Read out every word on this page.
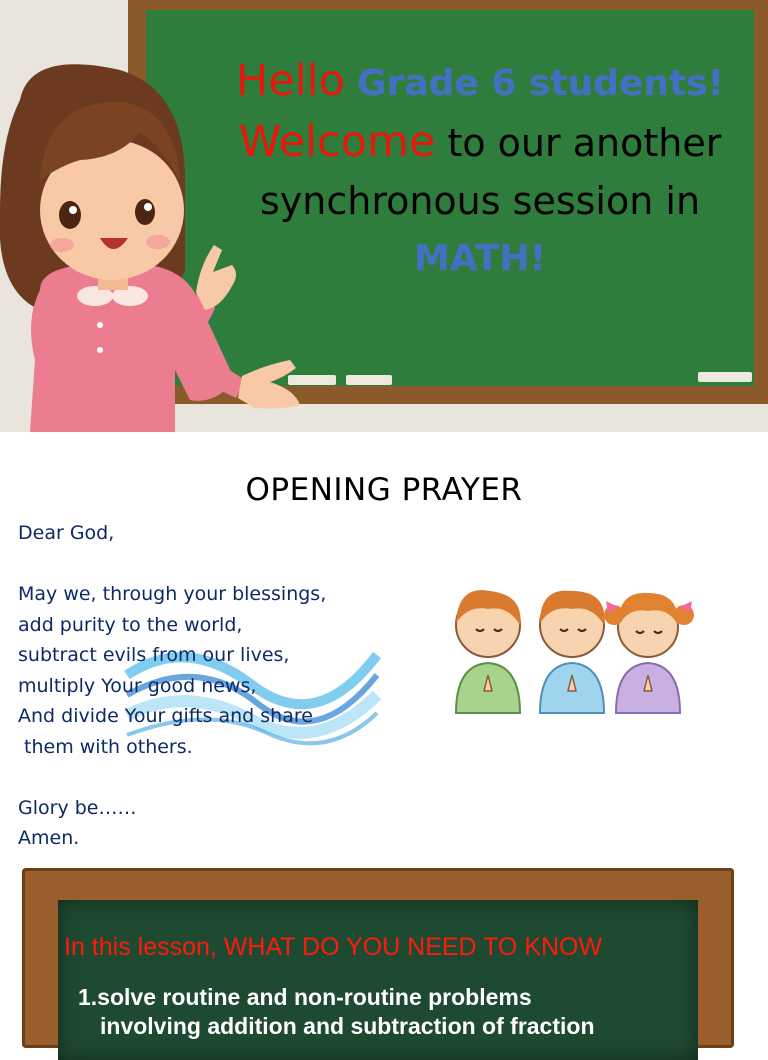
Hello Grade 6 students!
Welcome to our another
synchronous session in
MATH!
OPENING PRAYER
Dear God,
May we, through your blessings,
add purity to the world,
subtract evils from our lives,
multiply Your good news,
And divide Your gifts and share
them with others.
Glory be……
Amen.
In this lesson, WHAT DO YOU NEED TO KNOW
1.solve routine and non-routine problems
involving addition and subtraction of fraction
